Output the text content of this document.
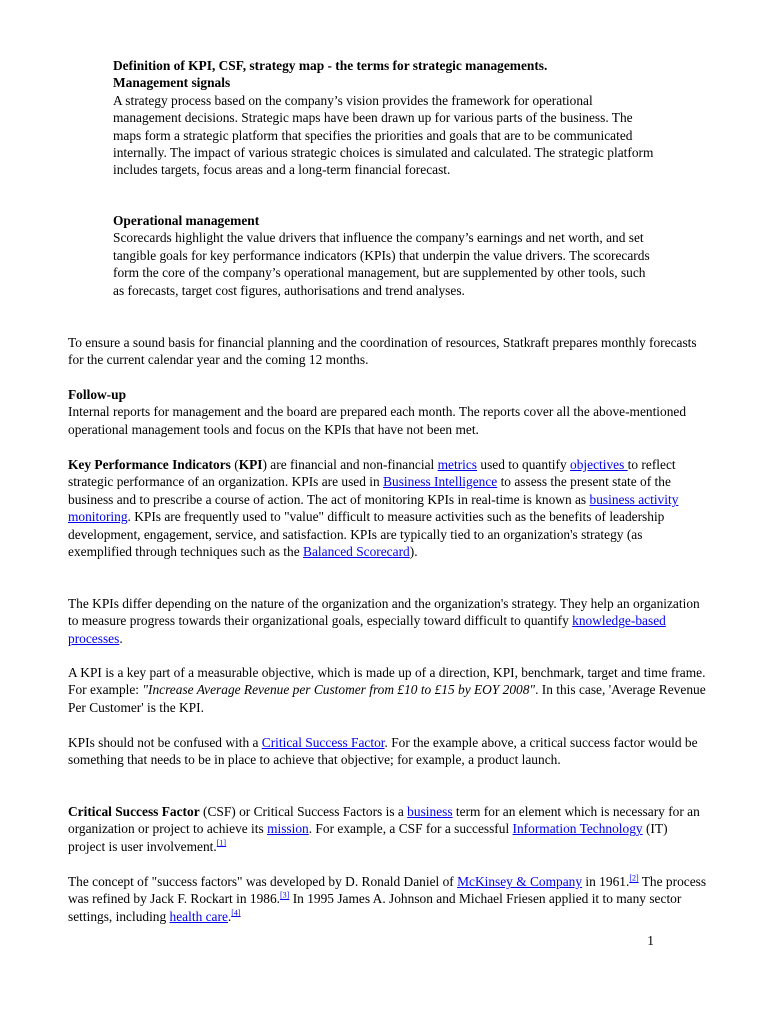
Definition of KPI, CSF, strategy map - the terms for strategic managements.
Management signals
A strategy process based on the company’s vision provides the framework for operational management decisions. Strategic maps have been drawn up for various parts of the business. The maps form a strategic platform that specifies the priorities and goals that are to be communicated internally. The impact of various strategic choices is simulated and calculated. The strategic platform includes targets, focus areas and a long-term financial forecast.

Operational management
Scorecards highlight the value drivers that influence the company’s earnings and net worth, and set tangible goals for key performance indicators (KPIs) that underpin the value drivers. The scorecards form the core of the company’s operational management, but are supplemented by other tools, such as forecasts, target cost figures, authorisations and trend analyses.

To ensure a sound basis for financial planning and the coordination of resources, Statkraft prepares monthly forecasts for the current calendar year and the coming 12 months.

Follow-up
Internal reports for management and the board are prepared each month. The reports cover all the above-mentioned operational management tools and focus on the KPIs that have not been met.

Key Performance Indicators (KPI) are financial and non-financial metrics used to quantify objectives to reflect strategic performance of an organization. KPIs are used in Business Intelligence to assess the present state of the business and to prescribe a course of action. The act of monitoring KPIs in real-time is known as business activity monitoring. KPIs are frequently used to "value" difficult to measure activities such as the benefits of leadership development, engagement, service, and satisfaction. KPIs are typically tied to an organization's strategy (as exemplified through techniques such as the Balanced Scorecard).

The KPIs differ depending on the nature of the organization and the organization's strategy. They help an organization to measure progress towards their organizational goals, especially toward difficult to quantify knowledge-based processes.

A KPI is a key part of a measurable objective, which is made up of a direction, KPI, benchmark, target and time frame. For example: "Increase Average Revenue per Customer from £10 to £15 by EOY 2008". In this case, 'Average Revenue Per Customer' is the KPI.

KPIs should not be confused with a Critical Success Factor. For the example above, a critical success factor would be something that needs to be in place to achieve that objective; for example, a product launch.

Critical Success Factor (CSF) or Critical Success Factors is a business term for an element which is necessary for an organization or project to achieve its mission. For example, a CSF for a successful Information Technology (IT) project is user involvement.[1]

The concept of "success factors" was developed by D. Ronald Daniel of McKinsey & Company in 1961.[2] The process was refined by Jack F. Rockart in 1986.[3] In 1995 James A. Johnson and Michael Friesen applied it to many sector settings, including health care.[4]

1
